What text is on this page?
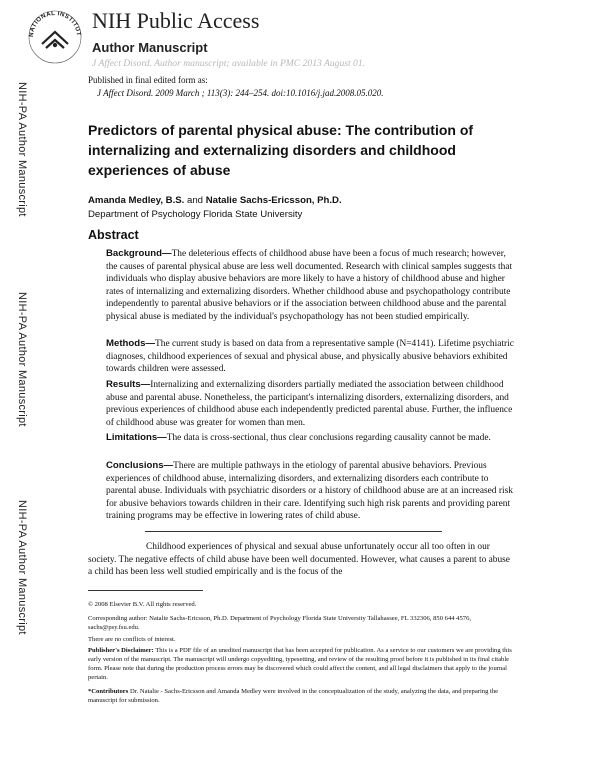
NATIONAL INSTITUT
NIH Public Access
Author Manuscript
J Affect Disord. Author manuscript; available in PMC 2013 August 01.
Published in final edited form as:
J Affect Disord. 2009 March ; 113(3): 244–254. doi:10.1016/j.jad.2008.05.020.
NIH-PA Author Manuscript
NIH-PA Author Manuscript
NIH-PA Author Manuscript
Predictors of parental physical abuse: The contribution of
internalizing and externalizing disorders and childhood
experiences of abuse
Amanda Medley, B.S. and Natalie Sachs-Ericsson, Ph.D.
Department of Psychology Florida State University
Abstract
Background—The deleterious effects of childhood abuse have been a focus of much research; however, the causes of parental physical abuse are less well documented. Research with clinical samples suggests that individuals who display abusive behaviors are more likely to have a history of childhood abuse and higher rates of internalizing and externalizing disorders. Whether childhood abuse and psychopathology contribute independently to parental abusive behaviors or if the association between childhood abuse and the parental physical abuse is mediated by the individual's psychopathology has not been studied empirically.
Methods—The current study is based on data from a representative sample (N=4141). Lifetime psychiatric diagnoses, childhood experiences of sexual and physical abuse, and physically abusive behaviors exhibited towards children were assessed.
Results—Internalizing and externalizing disorders partially mediated the association between childhood abuse and parental abuse. Nonetheless, the participant's internalizing disorders, externalizing disorders, and previous experiences of childhood abuse each independently predicted parental abuse. Further, the influence of childhood abuse was greater for women than men.
Limitations—The data is cross-sectional, thus clear conclusions regarding causality cannot be made.
Conclusions—There are multiple pathways in the etiology of parental abusive behaviors. Previous experiences of childhood abuse, internalizing disorders, and externalizing disorders each contribute to parental abuse. Individuals with psychiatric disorders or a history of childhood abuse are at an increased risk for abusive behaviors towards children in their care. Identifying such high risk parents and providing parent training programs may be effective in lowering rates of child abuse.
Childhood experiences of physical and sexual abuse unfortunately occur all too often in our society. The negative effects of child abuse have been well documented. However, what causes a parent to abuse a child has been less well studied empirically and is the focus of the
© 2008 Elsevier B.V. All rights reserved.
Corresponding author: Natalie Sachs-Ericsson, Ph.D. Department of Psychology Florida State University Tallahassee, FL 332306, 850 644 4576, sachs@psy.fsu.edu.
There are no conflicts of interest.
Publisher's Disclaimer: This is a PDF file of an unedited manuscript that has been accepted for publication. As a service to our customers we are providing this early version of the manuscript. The manuscript will undergo copyediting, typesetting, and review of the resulting proof before it is published in its final citable form. Please note that during the production process errors may be discovered which could affect the content, and all legal disclaimers that apply to the journal pertain.
*Contributors Dr. Natalie - Sachs-Ericsson and Amanda Medley were involved in the conceptualization of the study, analyzing the data, and preparing the manuscript for submission.
